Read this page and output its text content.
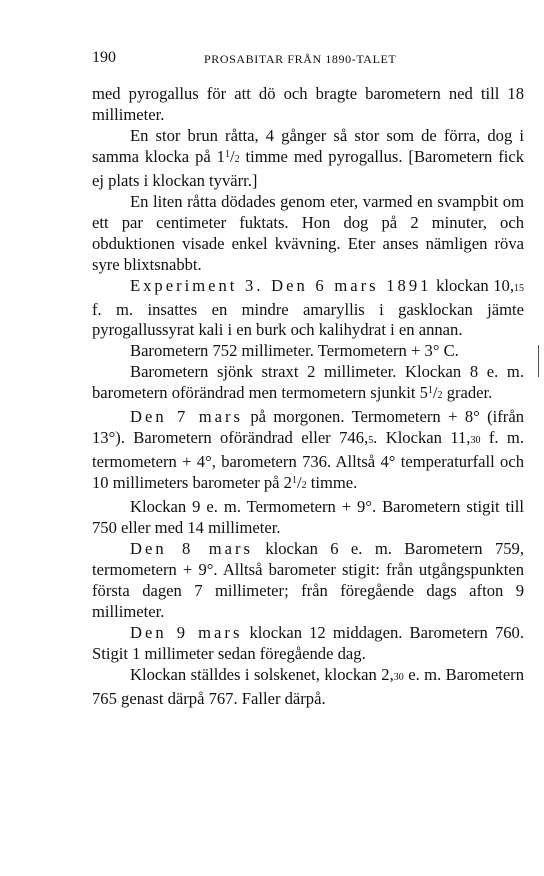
190	PROSABITAR FRÅN 1890-TALET

med pyrogallus för att dö och bragte barometern ned till 18 millimeter.

En stor brun råtta, 4 gånger så stor som de förra, dog i samma klocka på $1^1/2$ timme med pyrogallus. [Barometern fick ej plats i klockan tyvärr.]

En liten råtta dödades genom eter, varmed en svampbit om ett par centimeter fuktats. Hon dog på 2 minuter, och obduktionen visade enkel kvävning. Eter anses nämligen röva syre blixtsnabbt.

Experiment 3. Den 6 mars 1891 klockan 10,15 f. m. insattes en mindre amaryllis i gasklockan jämte pyrogallussyrat kali i en burk och kalihydrat i en annan.

Barometern 752 millimeter. Termometern + 3° C.

Barometern sjönk straxt 2 millimeter. Klockan 8 e. m. barometern oförändrad men termometern sjunkit $5^1/2$ grader.

Den 7 mars på morgonen. Termometern + 8° (ifrån 13°). Barometern oförändrad eller 746,5. Klockan 11,30 f. m. termometern + 4°, barometern 736. Alltså 4° temperaturfall och 10 millimeters barometer på $2^1/2$ timme.

Klockan 9 e. m. Termometern + 9°. Barometern stigit till 750 eller med 14 millimeter.

Den 8 mars klockan 6 e. m. Barometern 759, termometern + 9°. Alltså barometer stigit: från utgångspunkten första dagen 7 millimeter; från föregående dags afton 9 millimeter.

Den 9 mars klockan 12 middagen. Barometern 760. Stigit 1 millimeter sedan föregående dag.

Klockan ställdes i solskenet, klockan 2,30 e. m. Barometern 765 genast därpå 767. Faller därpå.
